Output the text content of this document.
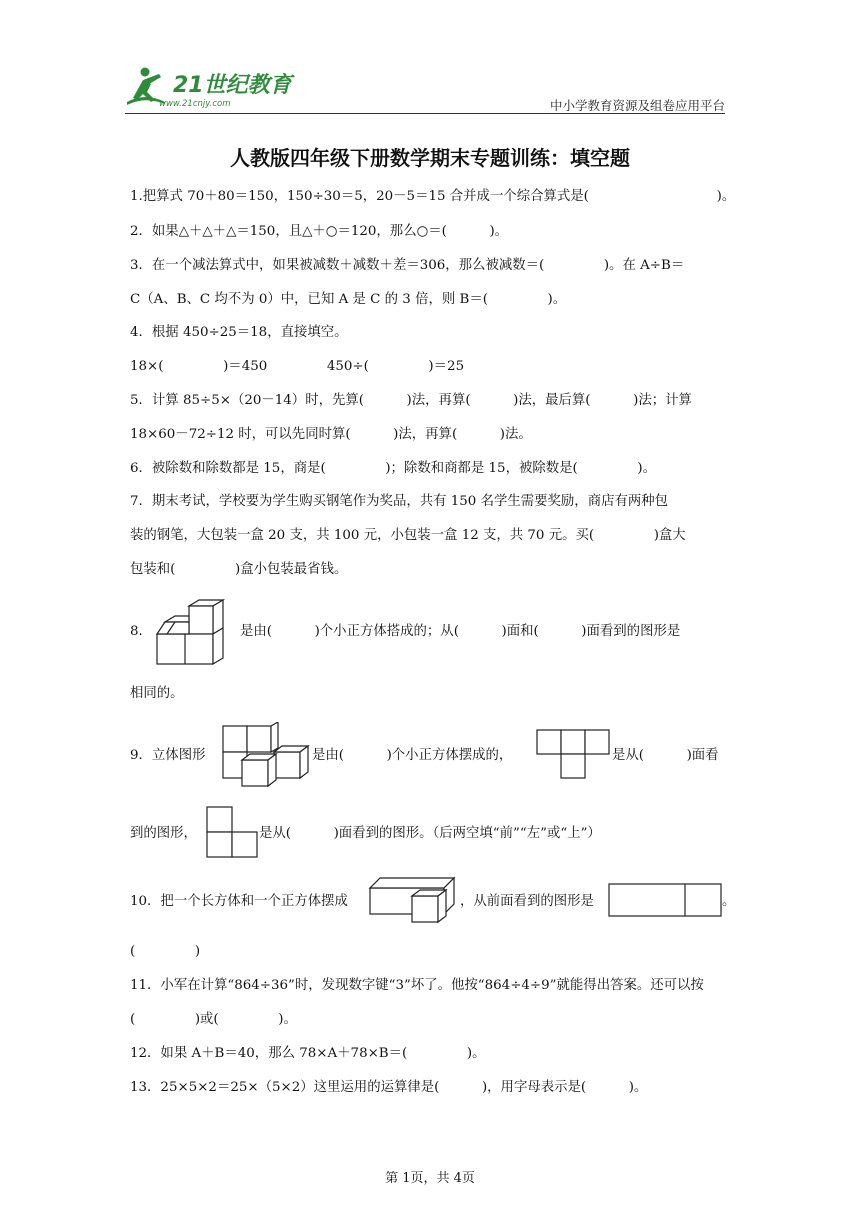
21世纪教育
www.21cnjy.com	中小学教育资源及组卷应用平台
人教版四年级下册数学期末专题训练：填空题
1.把算式 70＋80＝150，150÷30＝5，20－5＝15 合并成一个综合算式是(                              )。
2．如果△＋△＋△＝150，且△＋○＝120，那么○＝(          )。
3．在一个减法算式中，如果被减数＋减数＋差＝306，那么被减数＝(              )。在 A÷B＝
C（A、B、C 均不为 0）中，已知 A 是 C 的 3 倍，则 B＝(              )。
4．根据 450÷25＝18，直接填空。
18×(              )＝450              450÷(              )＝25
5．计算 85÷5×（20－14）时，先算(          )法，再算(          )法，最后算(          )法；计算
18×60－72÷12 时，可以先同时算(          )法，再算(          )法。
6．被除数和除数都是 15，商是(              )；除数和商都是 15，被除数是(              )。
7．期末考试，学校要为学生购买钢笔作为奖品，共有 150 名学生需要奖励，商店有两种包
装的钢笔，大包装一盒 20 支，共 100 元，小包装一盒 12 支，共 70 元。买(              )盒大
包装和(              )盒小包装最省钱。
8．	是由(          )个小正方体搭成的；从(          )面和(          )面看到的图形是
相同的。
9．立体图形	是由(          )个小正方体摆成的，	是从(          )面看
到的图形，	是从(          )面看到的图形。（后两空填“前”“左”或“上”）
10．把一个长方体和一个正方体摆成	，从前面看到的图形是	。
(              )
11．小军在计算“864÷36”时，发现数字键“3”坏了。他按“864÷4÷9”就能得出答案。还可以按
(              )或(              )。
12．如果 A＋B＝40，那么 78×A＋78×B＝(              )。
13．25×5×2＝25×（5×2）这里运用的运算律是(          )，用字母表示是(          )。
第 1页，共 4页
